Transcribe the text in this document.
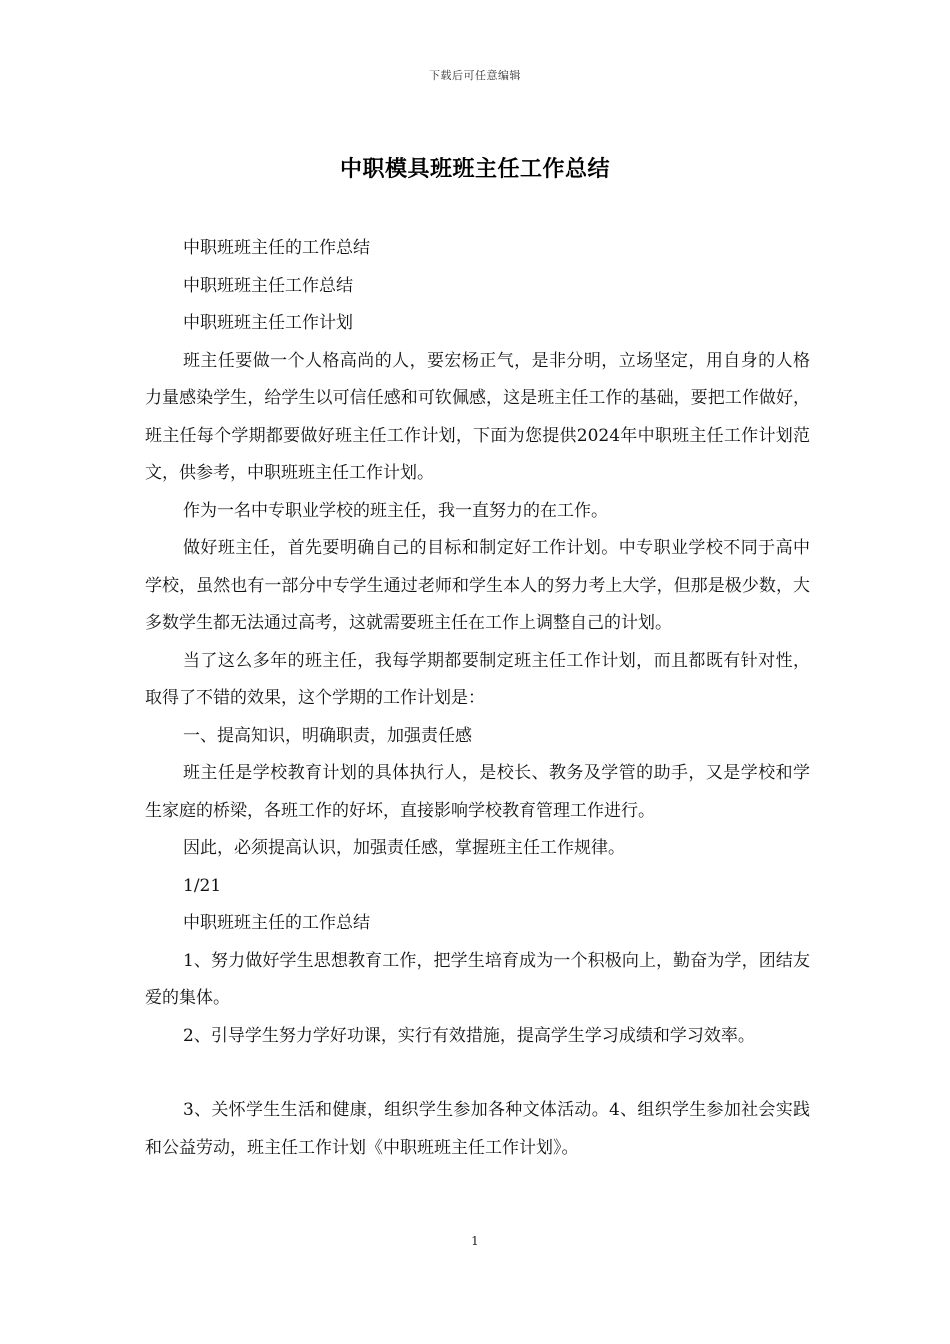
下载后可任意编辑
中职模具班班主任工作总结

中职班班主任的工作总结

中职班班主任工作总结

中职班班主任工作计划

班主任要做一个人格高尚的人，要宏杨正气，是非分明，立场坚定，用自身的人格力量感染学生，给学生以可信任感和可钦佩感，这是班主任工作的基础，要把工作做好，班主任每个学期都要做好班主任工作计划，下面为您提供2024年中职班主任工作计划范文，供参考，中职班班主任工作计划。

作为一名中专职业学校的班主任，我一直努力的在工作。

做好班主任，首先要明确自己的目标和制定好工作计划。中专职业学校不同于高中学校，虽然也有一部分中专学生通过老师和学生本人的努力考上大学，但那是极少数，大多数学生都无法通过高考，这就需要班主任在工作上调整自己的计划。

当了这么多年的班主任，我每学期都要制定班主任工作计划，而且都既有针对性，取得了不错的效果，这个学期的工作计划是：

一、提高知识，明确职责，加强责任感

班主任是学校教育计划的具体执行人，是校长、教务及学管的助手，又是学校和学生家庭的桥梁，各班工作的好坏，直接影响学校教育管理工作进行。

因此，必须提高认识，加强责任感，掌握班主任工作规律。

1/21

中职班班主任的工作总结

1、努力做好学生思想教育工作，把学生培育成为一个积极向上，勤奋为学，团结友爱的集体。

2、引导学生努力学好功课，实行有效措施，提高学生学习成绩和学习效率。

3、关怀学生生活和健康，组织学生参加各种文体活动。4、组织学生参加社会实践和公益劳动，班主任工作计划《中职班班主任工作计划》。

1
